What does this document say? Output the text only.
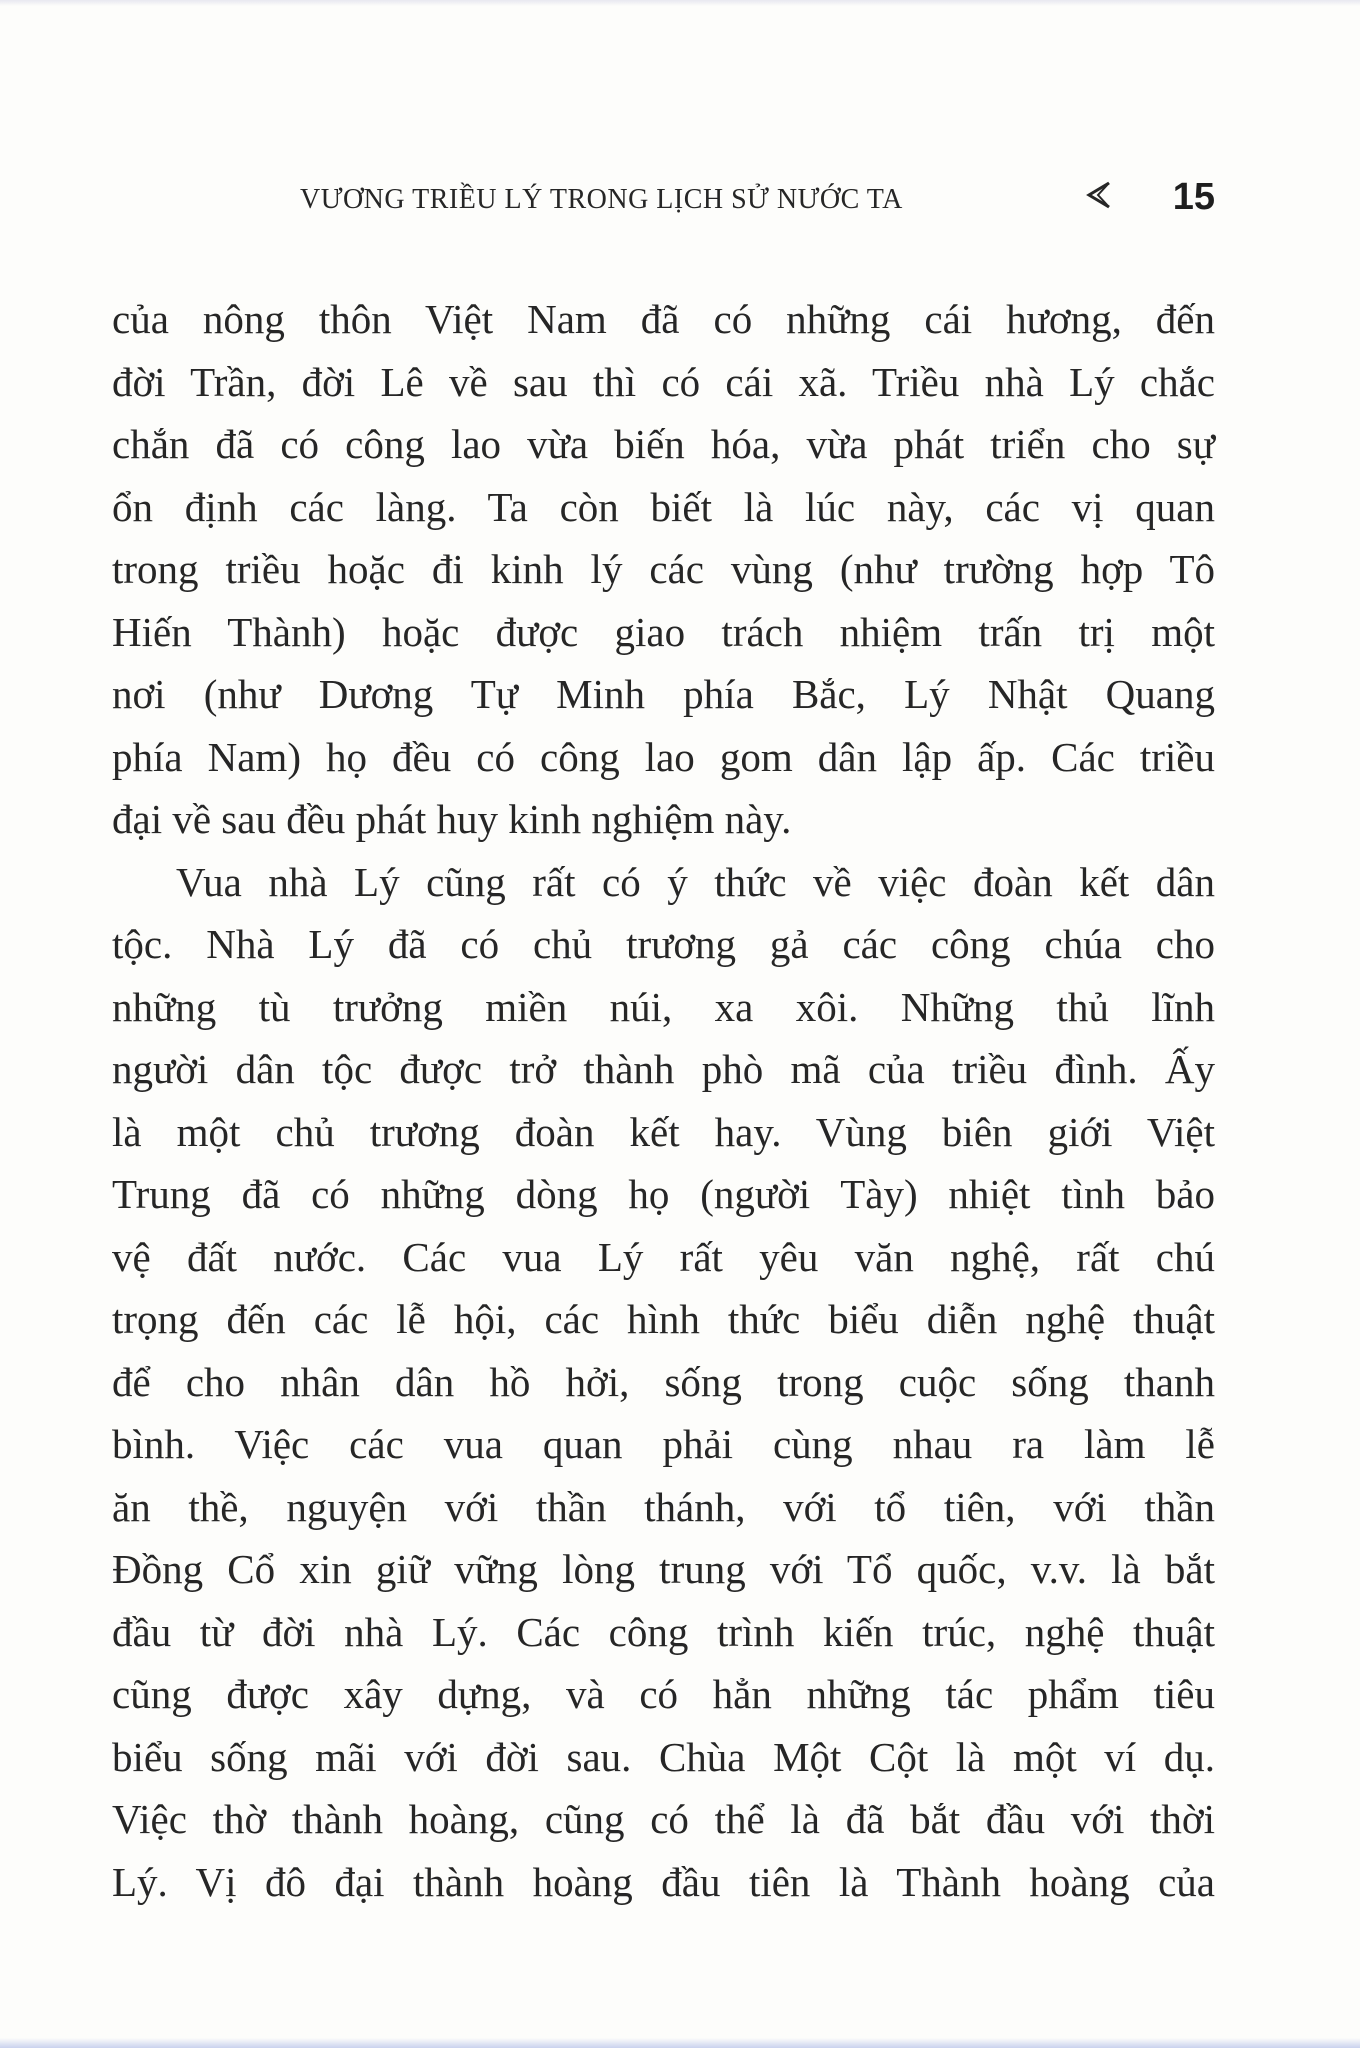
VƯƠNG TRIỀU LÝ TRONG LỊCH SỬ NƯỚC TA	15
của nông thôn Việt Nam đã có những cái hương, đến
đời Trần, đời Lê về sau thì có cái xã. Triều nhà Lý chắc
chắn đã có công lao vừa biến hóa, vừa phát triển cho sự
ổn định các làng. Ta còn biết là lúc này, các vị quan
trong triều hoặc đi kinh lý các vùng (như trường hợp Tô
Hiến Thành) hoặc được giao trách nhiệm trấn trị một
nơi (như Dương Tự Minh phía Bắc, Lý Nhật Quang
phía Nam) họ đều có công lao gom dân lập ấp. Các triều
đại về sau đều phát huy kinh nghiệm này.
Vua nhà Lý cũng rất có ý thức về việc đoàn kết dân
tộc. Nhà Lý đã có chủ trương gả các công chúa cho
những tù trưởng miền núi, xa xôi. Những thủ lĩnh
người dân tộc được trở thành phò mã của triều đình. Ấy
là một chủ trương đoàn kết hay. Vùng biên giới Việt
Trung đã có những dòng họ (người Tày) nhiệt tình bảo
vệ đất nước. Các vua Lý rất yêu văn nghệ, rất chú
trọng đến các lễ hội, các hình thức biểu diễn nghệ thuật
để cho nhân dân hồ hởi, sống trong cuộc sống thanh
bình. Việc các vua quan phải cùng nhau ra làm lễ
ăn thề, nguyện với thần thánh, với tổ tiên, với thần
Đồng Cổ xin giữ vững lòng trung với Tổ quốc, v.v. là bắt
đầu từ đời nhà Lý. Các công trình kiến trúc, nghệ thuật
cũng được xây dựng, và có hẳn những tác phẩm tiêu
biểu sống mãi với đời sau. Chùa Một Cột là một ví dụ.
Việc thờ thành hoàng, cũng có thể là đã bắt đầu với thời
Lý. Vị đô đại thành hoàng đầu tiên là Thành hoàng của
